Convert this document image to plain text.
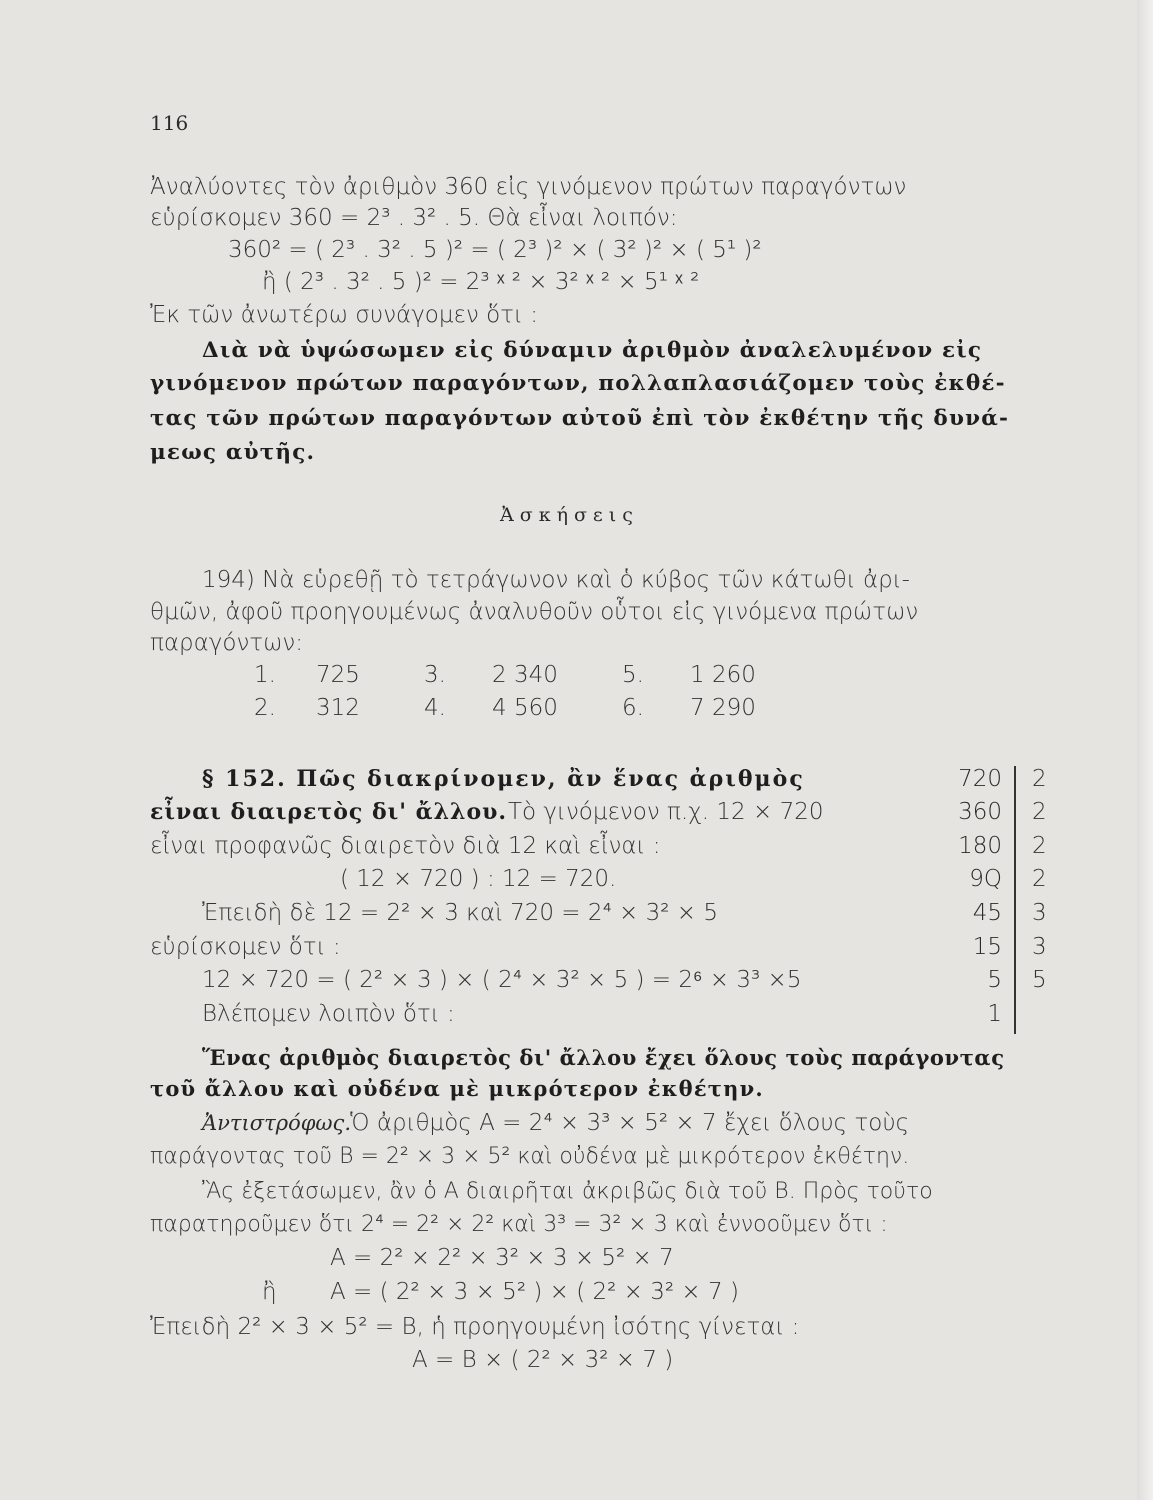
116
Ἀναλύοντες τὸν ἀριθμὸν 360 εἰς γινόμενον πρώτων παραγόντων
εὑρίσκομεν 360 = 2³ . 3² . 5. Θὰ εἶναι λοιπόν:
360² = ( 2³ . 3² . 5 )² = ( 2³ )² × ( 3² )² × ( 5¹ )²
ἢ ( 2³ . 3² . 5 )² = 2³ ˣ ² × 3² ˣ ² × 5¹ ˣ ²
Ἐκ τῶν ἀνωτέρω συνάγομεν ὅτι :
Διὰ νὰ ὑψώσωμεν εἰς δύναμιν ἀριθμὸν ἀναλελυμένον εἰς
γινόμενον πρώτων παραγόντων, πολλαπλασιάζομεν τοὺς ἐκθέ-
τας τῶν πρώτων παραγόντων αὐτοῦ ἐπὶ τὸν ἐκθέτην τῆς δυνά-
μεως αὐτῆς.
Ἀσκήσεις
194) Νὰ εὑρεθῇ τὸ τετράγωνον καὶ ὁ κύβος τῶν κάτωθι ἀρι-
θμῶν, ἀφοῦ προηγουμένως ἀναλυθοῦν οὗτοι εἰς γινόμενα πρώτων
παραγόντων:
1. 725
2. 312
3. 2 340
4. 4 560
5. 1 260
6. 7 290
§ 152. Πῶς διακρίνομεν, ἂν ἕνας ἀριθμὸς
εἶναι διαιρετὸς δι' ἄλλου. Τὸ γινόμενον π.χ. 12 × 720
εἶναι προφανῶς διαιρετὸν διὰ 12 καὶ εἶναι :
( 12 × 720 ) : 12 = 720.
Ἐπειδὴ δὲ 12 = 2² × 3 καὶ 720 = 2⁴ × 3² × 5
εὑρίσκομεν ὅτι :
12 × 720 = ( 2² × 3 ) × ( 2⁴ × 3² × 5 ) = 2⁶ × 3³ ×5
Βλέπομεν λοιπὸν ὅτι :
720
360
180
9Q
45
15
5
1
2
2
2
2
3
3
5
Ἕνας ἀριθμὸς διαιρετὸς δι' ἄλλου ἔχει ὅλους τοὺς παράγοντας
τοῦ ἄλλου καὶ οὐδένα μὲ μικρότερον ἐκθέτην.
Ἀντιστρόφως. Ὁ ἀριθμὸς Α = 2⁴ × 3³ × 5² × 7 ἔχει ὅλους τοὺς
παράγοντας τοῦ Β = 2² × 3 × 5² καὶ οὐδένα μὲ μικρότερον ἐκθέτην.
Ἂς ἐξετάσωμεν, ἂν ὁ Α διαιρῆται ἀκριβῶς διὰ τοῦ Β. Πρὸς τοῦτο
παρατηροῦμεν ὅτι 2⁴ = 2² × 2² καὶ 3³ = 3² × 3 καὶ ἐννοοῦμεν ὅτι :
Α = 2² × 2² × 3² × 3 × 5² × 7
ἢ Α = ( 2² × 3 × 5² ) × ( 2² × 3² × 7 )
Ἐπειδὴ 2² × 3 × 5² = Β, ἡ προηγουμένη ἰσότης γίνεται :
Α = Β × ( 2² × 3² × 7 )
